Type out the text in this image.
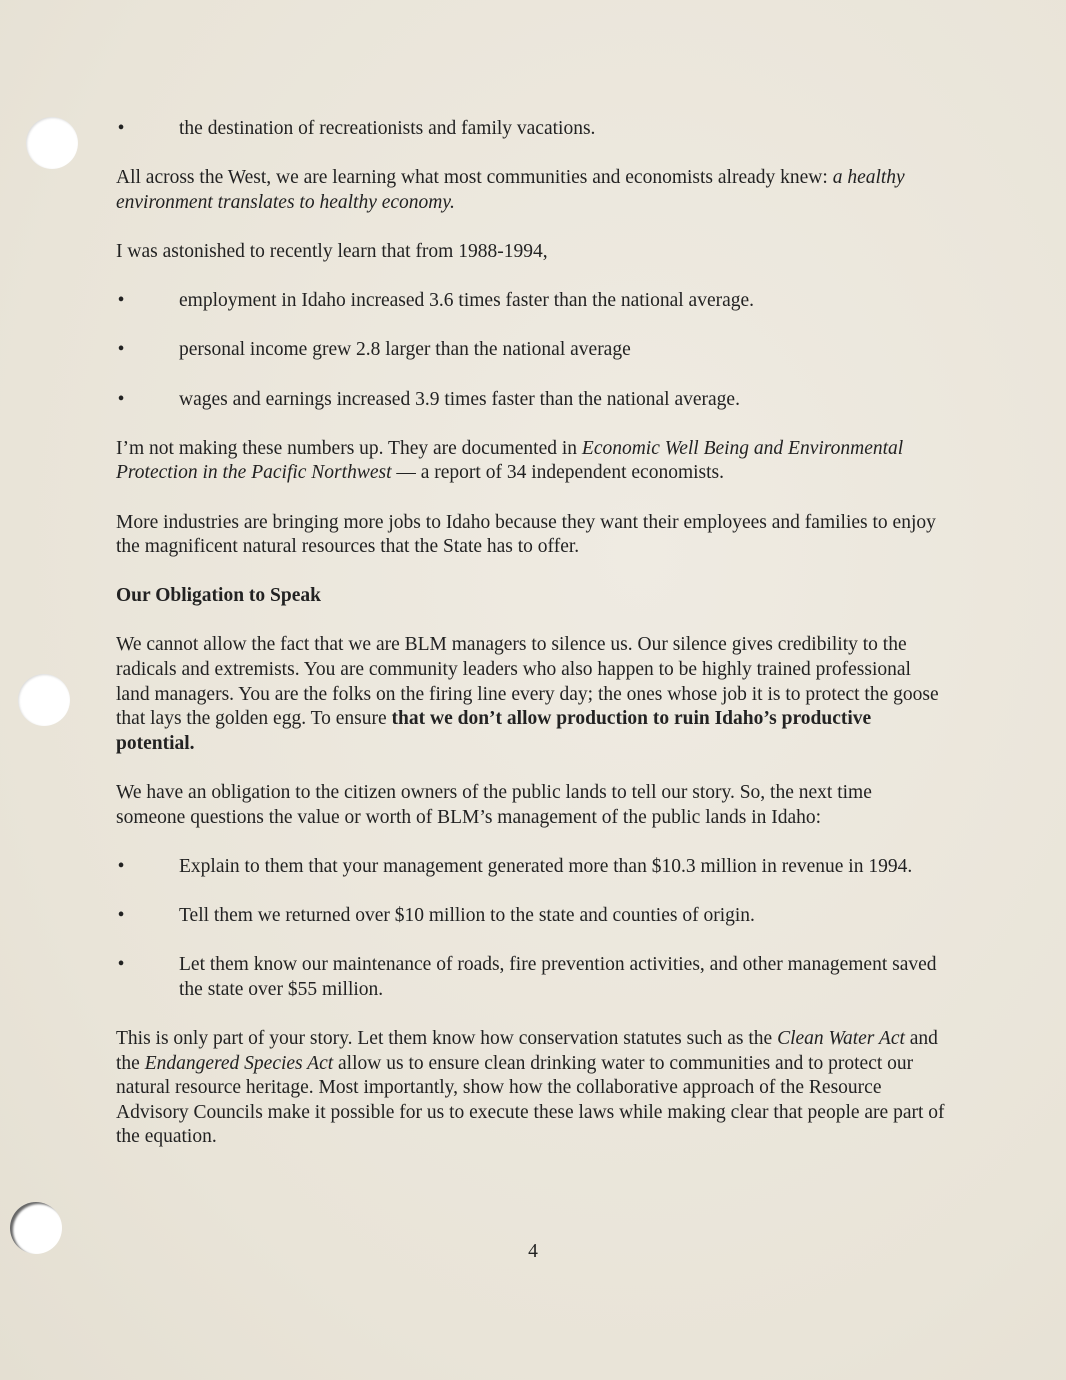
•	the destination of recreationists and family vacations.

All across the West, we are learning what most communities and economists already knew: a healthy environment translates to healthy economy.

I was astonished to recently learn that from 1988-1994,

•	employment in Idaho increased 3.6 times faster than the national average.
•	personal income grew 2.8 larger than the national average
•	wages and earnings increased 3.9 times faster than the national average.

I’m not making these numbers up. They are documented in Economic Well Being and Environmental Protection in the Pacific Northwest — a report of 34 independent economists.

More industries are bringing more jobs to Idaho because they want their employees and families to enjoy the magnificent natural resources that the State has to offer.

Our Obligation to Speak

We cannot allow the fact that we are BLM managers to silence us. Our silence gives credibility to the radicals and extremists. You are community leaders who also happen to be highly trained professional land managers. You are the folks on the firing line every day; the ones whose job it is to protect the goose that lays the golden egg. To ensure that we don’t allow production to ruin Idaho’s productive potential.

We have an obligation to the citizen owners of the public lands to tell our story. So, the next time someone questions the value or worth of BLM’s management of the public lands in Idaho:

•	Explain to them that your management generated more than $10.3 million in revenue in 1994.
•	Tell them we returned over $10 million to the state and counties of origin.
•	Let them know our maintenance of roads, fire prevention activities, and other management saved the state over $55 million.

This is only part of your story. Let them know how conservation statutes such as the Clean Water Act and the Endangered Species Act allow us to ensure clean drinking water to communities and to protect our natural resource heritage. Most importantly, show how the collaborative approach of the Resource Advisory Councils make it possible for us to execute these laws while making clear that people are part of the equation.

4
